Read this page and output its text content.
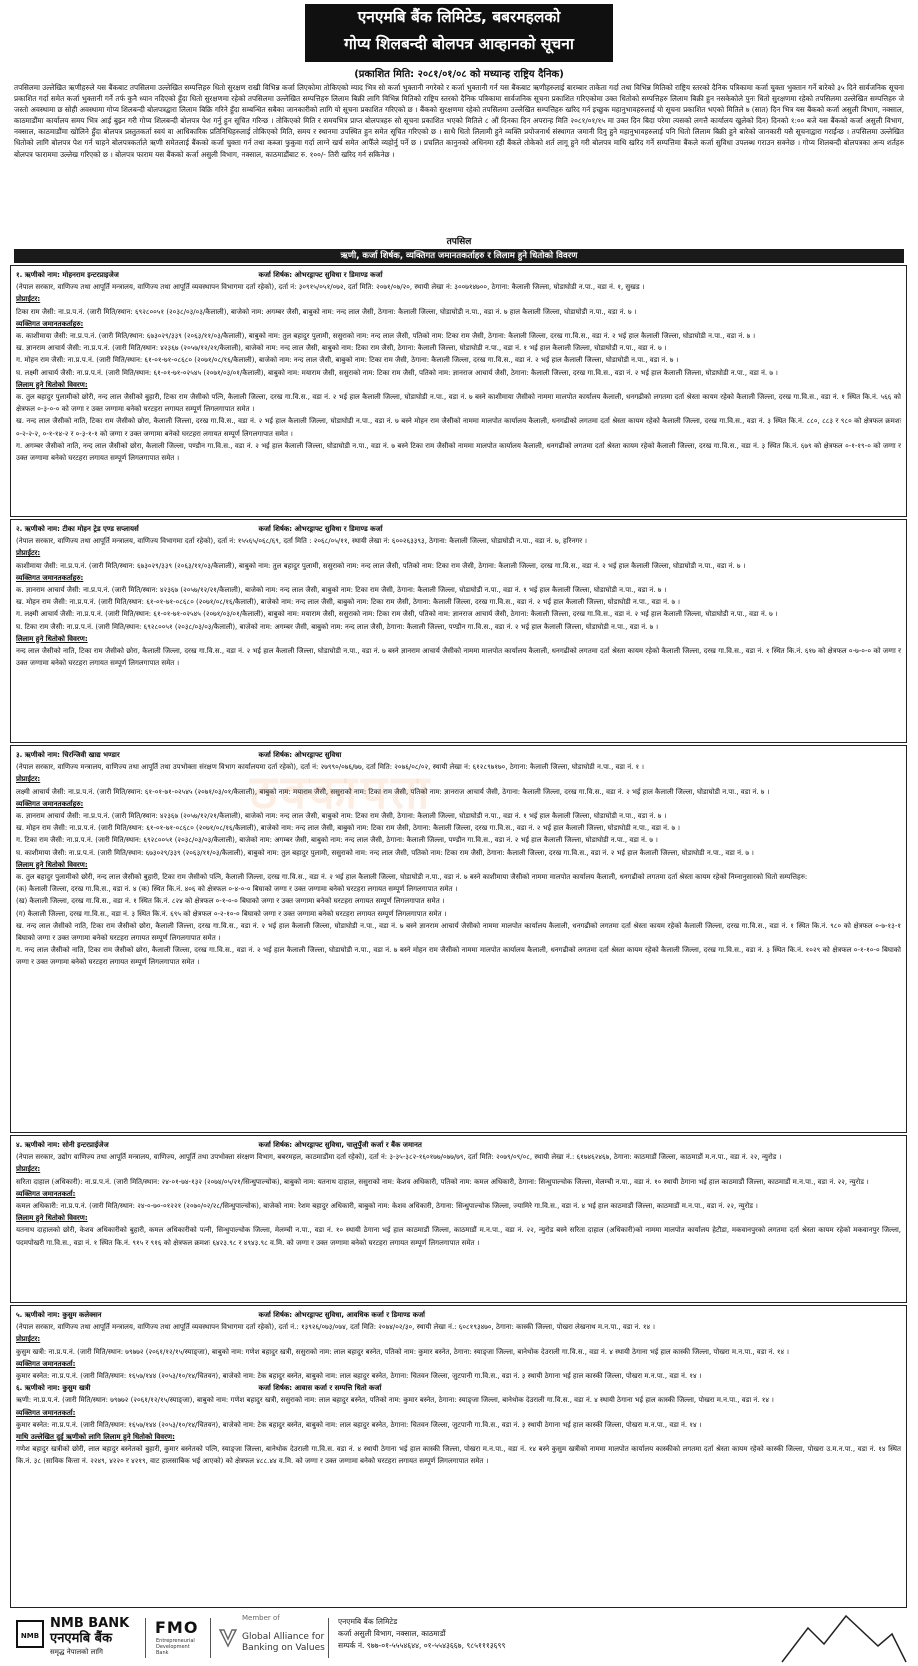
एनएमबि बैंक लिमिटेड, बबरमहलको
गोप्य शिलबन्दी बोलपत्र आव्हानको सूचना
(प्रकाशित मिति: २०८१/०१/०८ को मध्यान्ह राष्ट्रिय दैनिक)
तपसिलमा उल्लेखित ऋणीहरुले यस बैंकबाट तपसिलमा उल्लेखित सम्पत्तिहरु धितो सुरक्षण राखी विभिन्न कर्जा लिएकोमा तोकिएको म्याद भित्र सो कर्जा भुक्तानी नगरेको र कर्जा भुक्तानी गर्न यस बैंकबाट ऋणीहरुलाई बारम्बार ताकेता गर्दा तथा विभिन्न मितिको राष्ट्रिय स्तरको दैनिक पत्रिकामा कर्जा चुक्ता भुक्तान गर्ने बारेको ३५ दिने सार्वजनिक सूचना प्रकाशित गर्दा समेत कर्जा भुक्तानी गर्ने तर्फ कुनै ध्यान नदिएको हुँदा धितो सुरक्षणमा रहेको तपसिलमा उल्लेखित सम्पत्तिहरु लिलाम बिक्री लागि विभिन्न मितिको राष्ट्रिय स्तरको दैनिक पत्रिकामा सार्वजनिक सूचना प्रकाशित गरिएकोमा उक्त धितोको सम्पत्तिहरु लिलाम बिक्री हुन नसकेकोले पुनः धितो सुरक्षणमा रहेको तपसिलमा उल्लेखित सम्पत्तिहरु जे जस्तो अवस्थामा छ सोही अवस्थामा गोप्य शिलबन्दी बोलपत्रद्वारा लिलाम बिक्रि गरिने हुँदा सम्बन्धित सबैका जानकारीको लागि यो सूचना प्रकाशित गरिएको छ । बैंकको सुरक्षणमा रहेको तपसिलमा उल्लेखित सम्पत्तिहरु खरिद गर्न इच्छुक महानुभावहरुलाई यो सूचना प्रकाशित भएको मितिले ७ (सात) दिन भित्र यस बैंकको कर्जा असुली विभाग, नक्साल, काठमाडौंमा कार्यालय समय भित्र आई बुझ्न गरी गोप्य शिलबन्दी बोलपत्र पेश गर्नु हुन सूचित गरिन्छ । तोकिएको मिति र समयभित्र प्राप्त बोलपत्रहरु सो सूचना प्रकाशित भएको मितिले ८ औं दिनका दिन अपरान्ह मिति २०८१/०१/१५ मा उक्त दिन बिदा परेमा त्यसको लगत्तै कार्यालय खुलेको दिन) दिनको १:०० बजे यस बैंकको कर्जा असुली विभाग, नक्साल, काठमाडौंमा खोलिने हुँदा बोलपत्र प्रस्तुतकर्ता स्वयं वा आधिकारिक प्रतिनिधिहरुलाई तोकिएको मिति, समय र स्थानमा उपस्थित हुन समेत सूचित गरिएको छ । साथै धितो लिलामी हुने व्यक्ति प्रयोजनार्थ संस्थागत जमानी दिनु हुने महानुभावहरुलाई पनि धितो लिलाम बिक्री हुने बारेको जानकारी यसै सूचनाद्वारा गराईन्छ । तपसिलमा उल्लेखित धितोको लागि बोलपत्र पेश गर्न चाहने बोलपत्रकर्ताले ऋणी समेतलाई बैंकको कर्जा चुक्ता गर्न तथा कब्जा फुकुवा गर्दा लाग्ने खर्च समेत आफैँले व्यहोर्नु पर्ने छ । प्रचलित कानुनको अधिनमा रही बैंकले तोकेको शर्त लागू हुने गरी बोलपत्र माथि खरिद गर्ने सम्पत्तिमा बैंकले कर्जा सुविधा उपलब्ध गराउन सक्नेछ । गोप्य शिलबन्दी बोलपत्रका अन्य शर्तहरु बोलपत्र फाराममा उल्लेख गरिएको छ । बोलपत्र फाराम यस बैंकको कर्जा असुली विभाग, नक्साल, काठमाडौंबाट रु. १००/- तिरी खरिद गर्न सकिनेछ ।
तपसिल
ऋणी, कर्जा शिर्षक, व्यक्तिगत जमानतकर्ताहरु र लिलाम हुने धितोको विवरण
ठक्कापता
१. ऋणीको नाम: मोहनराम इन्टरप्राइजेज	कर्जा शिर्षक: ओभरड्राफ्ट सुविधा र डिमाण्ड कर्जा
(नेपाल सरकार, वाणिज्य तथा आपूर्ति मन्त्रालय, वाणिज्य तथा आपूर्ति व्यवस्थापन विभागमा दर्ता रहेको), दर्ता नं: ३०९१५/०५१/०७२, दर्ता मिति: २०७१/०७/२०, स्थायी लेखा नं: ३००७१४७००, ठेगाना: कैलाली जिल्ला, घोडाघोडी न.पा., वडा नं. १, सुखड ।
प्रोप्राईटर:
टिका राम जैसी: ना.प्र.प.नं. (जारी मिति/स्थान: ६९२८००५१ (२०३८/०३/०३/कैलाली), बाजेको नाम: अगम्बर जैसी, बाबुको नाम: नन्द लाल जैसी, ठेगाना: कैलाली जिल्ला, घोडाघोडी न.पा., वडा नं. ७ हाल कैलाली जिल्ला, घोडाघोडी न.पा., वडा नं. ७ ।
व्यक्तिगत जमानतकर्ताहरु:
क. काशीमाया जैसी: ना.प्र.प.नं. (जारी मिति/स्थान: ६७३०२९/३३९ (२०६३/११/०३/कैलाली), बाबुको नाम: तुल बहादुर पुलामी, ससुराको नाम: नन्द लाल जैसी, पतिको नाम: टिका राम जैसी, ठेगाना: कैलाली जिल्ला, दरख गा.वि.स., वडा नं. २ भई हाल कैलाली जिल्ला, घोडाघोडी न.पा., वडा नं. ७ ।
ख. ज्ञानराम आचार्य जैसी: ना.प्र.प.नं. (जारी मिति/स्थान: ४२३६७ (२०५७/१२/२१/कैलाली), बाजेको नाम: नन्द लाल जैसी, बाबुको नाम: टिका राम जैसी, ठेगाना: कैलाली जिल्ला, घोडाघोडी न.पा., वडा नं. १ भई हाल कैलाली जिल्ला, घोडाघोडी न.पा., वडा नं. ७ ।
ग. मोहन राम जैसी: ना.प्र.प.नं. (जारी मिति/स्थान: ६१-०१-७१-०८६८० (२०७१/०८/१६/कैलाली), बाजेको नाम: नन्द लाल जैसी, बाबुको नाम: टिका राम जैसी, ठेगाना: कैलाली जिल्ला, दरख गा.वि.स., वडा नं. २ भई हाल कैलाली जिल्ला, घोडाघोडी न.पा., वडा नं. ७ ।
घ. लक्ष्मी आचार्य जैसी: ना.प्र.प.नं. (जारी मिति/स्थान: ६१-०१-७१-०२५४५ (२०७१/०३/०१/कैलाली), बाबुको नाम: मयाराम जैसी, ससुराको नाम: टिका राम जैसी, पतिको नाम: ज्ञानराज आचार्य जैसी, ठेगाना: कैलाली जिल्ला, दरख गा.वि.स., वडा नं. २ भई हाल कैलाली जिल्ला, घोडाघोडी न.पा., वडा नं. ७ ।
लिलाम हुने धितोको विवरण:
क. तुल बहादुर पुलामीको छोरी, नन्द लाल जैसीको बुहारी, टिका राम जैसीको पत्नि, कैलाली जिल्ला, दरख गा.वि.स., वडा नं. २ भई हाल कैलाली जिल्ला, घोडाघोडी न.पा., वडा नं. ७ बस्ने काशीमाया जैसीको नाममा मालपोत कार्यालय कैलाली, धनगढीको लगतमा दर्ता श्रेस्ता कायम रहेको कैलाली जिल्ला, दरख गा.वि.स., वडा नं. १ स्थित कि.नं. ५६६ को क्षेत्रफल ०-३-०-० को जग्गा र उक्त जग्गामा बनेको घरटहरा लगायत सम्पूर्ण लिगलगापात समेत ।
ख. नन्द लाल जैसीको नाति, टिका राम जैसीको छोरा, कैलाली जिल्ला, दरख गा.वि.स., वडा नं. २ भई हाल कैलाली जिल्ला, घोडाघोडी न.पा., वडा नं. ७ बस्ने मोहन राम जैसीको नाममा मालपोत कार्यालय कैलाली, धनगढीको लगतमा दर्ता श्रेस्ता कायम रहेको कैलाली जिल्ला, दरख गा.वि.स., वडा नं. ३ स्थित कि.नं. ८८०, ८८३ र ९८० को क्षेत्रफल क्रमशः ०-२-२-२, ०-१-१४-२ र ०-३-१-१ को जग्गा र उक्त जग्गामा बनेको घरटहरा लगायत सम्पूर्ण लिगलगापात समेत ।
ग. अगम्बर जैसीको नाति, नन्द लाल जैसीको छोरा, कैलाली जिल्ला, पण्डौन गा.वि.स., वडा नं. २ भई हाल कैलाली जिल्ला, घोडाघोडी न.पा., वडा नं. ७ बस्ने टिका राम जैसीको नाममा मालपोत कार्यालय कैलाली, धनगढीको लगतमा दर्ता श्रेस्ता कायम रहेको कैलाली जिल्ला, दरख गा.वि.स., वडा नं. ३ स्थित कि.नं. ६७९ को क्षेत्रफल ०-१-१९-० को जग्गा र उक्त जग्गामा बनेको घरटहरा लगायत सम्पूर्ण लिगलगापात समेत ।
२. ऋणीको नाम: टीका मोहन ट्रेड एण्ड सप्लायर्स	कर्जा शिर्षक: ओभरड्राफ्ट सुविधा र डिमाण्ड कर्जा
(नेपाल सरकार, वाणिज्य तथा आपूर्ति मन्त्रालय, वाणिज्य विभागमा दर्ता रहेको), दर्ता नं: १५५६५/०६८/६९, दर्ता मिति : २०६८/०५/११, स्थायी लेखा नं: ६००२६३३९३, ठेगाना: कैलाली जिल्ला, घोडाघोडी न.पा., वडा नं. ७, हरिनगर ।
प्रोप्राईटर:
काशीमाया जैसी: ना.प्र.प.नं. (जारी मिति/स्थान: ६७३०२९/३३९ (२०६३/११/०३/कैलाली), बाबुको नाम: तुल बहादुर पुलामी, ससुराको नाम: नन्द लाल जैसी, पतिको नाम: टिका राम जैसी, ठेगाना: कैलाली जिल्ला, दरख गा.वि.स., वडा नं. २ भई हाल कैलाली जिल्ला, घोडाघोडी न.पा., वडा नं. ७ ।
व्यक्तिगत जमानतकर्ताहरु:
क. ज्ञानराम आचार्य जैसी: ना.प्र.प.नं. (जारी मिति/स्थान: ४२३६७ (२०५७/१२/२१/कैलाली), बाजेको नाम: नन्द लाल जैसी, बाबुको नाम: टिका राम जैसी, ठेगाना: कैलाली जिल्ला, घोडाघोडी न.पा., वडा नं. १ भई हाल कैलाली जिल्ला, घोडाघोडी न.पा., वडा नं. ७ ।
ख. मोहन राम जैसी: ना.प्र.प.नं. (जारी मिति/स्थान: ६१-०१-७१-०८६८० (२०७१/०८/१६/कैलाली), बाजेको नाम: नन्द लाल जैसी, बाबुको नाम: टिका राम जैसी, ठेगाना: कैलाली जिल्ला, दरख गा.वि.स., वडा नं. २ भई हाल कैलाली जिल्ला, घोडाघोडी न.पा., वडा नं. ७ ।
ग. लक्ष्मी आचार्य जैसी: ना.प्र.प.नं. (जारी मिति/स्थान: ६१-०१-७१-०२५४५ (२०७१/०३/०१/कैलाली), बाबुको नाम: मयाराम जैसी, ससुराको नाम: टिका राम जैसी, पतिको नाम: ज्ञानराज आचार्य जैसी, ठेगाना: कैलाली जिल्ला, दरख गा.वि.स., वडा नं. २ भई हाल कैलाली जिल्ला, घोडाघोडी न.पा., वडा नं. ७ ।
घ. टिका राम जैसी: ना.प्र.प.नं. (जारी मिति/स्थान: ६९२८००५१ (२०३८/०३/०३/कैलाली), बाजेको नाम: अगम्बर जैसी, बाबुको नाम: नन्द लाल जैसी, ठेगाना: कैलाली जिल्ला, पण्डौन गा.वि.स., वडा नं. २ भई हाल कैलाली जिल्ला, घोडाघोडी न.पा., वडा नं. ७ ।
लिलाम हुने धितोको विवरण:
नन्द लाल जैसीको नाति, टिका राम जैसीको छोरा, कैलाली जिल्ला, दरख गा.वि.स., वडा नं. २ भई हाल कैलाली जिल्ला, घोडाघोडी न.पा., वडा नं. ७ बस्ने ज्ञानराम आचार्य जैसीको नाममा मालपोत कार्यालय कैलाली, धनगढीको लगतमा दर्ता श्रेस्ता कायम रहेको कैलाली जिल्ला, दरख गा.वि.स., वडा नं. १ स्थित कि.नं. ६१७ को क्षेत्रफल ०-७-०-० को जग्गा र उक्त जग्गामा बनेको घरटहरा लगायत सम्पूर्ण लिगलगापात समेत ।
३. ऋणीको नाम: चिरन्जिवी खाद्य भण्डार	कर्जा शिर्षक: ओभरड्राफ्ट सुविधा
(नेपाल सरकार, वाणिज्य मन्त्रालय, वाणिज्य तथा आपूर्ति तथा उपभोक्ता संरक्षण विभाग कार्यालयमा दर्ता रहेको), दर्ता नं: २७९९०/०७६/७७, दर्ता मिति: २०७६/०८/०२, स्थायी लेखा नं: ६१२८९७१७०, ठेगाना: कैलाली जिल्ला, घोडाघोडी न.पा., वडा नं. १ ।
प्रोप्राईटर:
लक्ष्मी आचार्य जैसी: ना.प्र.प.नं. (जारी मिति/स्थान: ६१-०१-७१-०२५४५ (२०७१/०३/०१/कैलाली), बाबुको नाम: मयाराम जैसी, ससुराको नाम: टिका राम जैसी, पतिको नाम: ज्ञानराज आचार्य जैसी, ठेगाना: कैलाली जिल्ला, दरख गा.वि.स., वडा नं. २ भई हाल कैलाली जिल्ला, घोडाघोडी न.पा., वडा नं. ७ ।
व्यक्तिगत जमानतकर्ताहरु:
क. ज्ञानराम आचार्य जैसी: ना.प्र.प.नं. (जारी मिति/स्थान: ४२३६७ (२०५७/१२/२१/कैलाली), बाजेको नाम: नन्द लाल जैसी, बाबुको नाम: टिका राम जैसी, ठेगाना: कैलाली जिल्ला, घोडाघोडी न.पा., वडा नं. १ भई हाल कैलाली जिल्ला, घोडाघोडी न.पा., वडा नं. ७ ।
ख. मोहन राम जैसी: ना.प्र.प.नं. (जारी मिति/स्थान: ६१-०१-७१-०८६८० (२०७१/०८/१६/कैलाली), बाजेको नाम: नन्द लाल जैसी, बाबुको नाम: टिका राम जैसी, ठेगाना: कैलाली जिल्ला, दरख गा.वि.स., वडा नं. २ भई हाल कैलाली जिल्ला, घोडाघोडी न.पा., वडा नं. ७ ।
ग. टिका राम जैसी: ना.प्र.प.नं. (जारी मिति/स्थान: ६९२८००५१ (२०३८/०३/०३/कैलाली), बाजेको नाम: अगम्बर जैसी, बाबुको नाम: नन्द लाल जैसी, ठेगाना: कैलाली जिल्ला, पण्डौन गा.वि.स., वडा नं. २ भई हाल कैलाली जिल्ला, घोडाघोडी न.पा., वडा नं. ७ ।
घ. काशीमाया जैसी: ना.प्र.प.नं. (जारी मिति/स्थान: ६७३०२९/३३९ (२०६३/११/०३/कैलाली), बाबुको नाम: तुल बहादुर पुलामी, ससुराको नाम: नन्द लाल जैसी, पतिको नाम: टिका राम जैसी, ठेगाना: कैलाली जिल्ला, दरख गा.वि.स., वडा नं. २ भई हाल कैलाली जिल्ला, घोडाघोडी न.पा., वडा नं. ७ ।
लिलाम हुने धितोको विवरण:
क. तुल बहादुर पुलामीको छोरी, नन्द लाल जैसीको बुहारी, टिका राम जैसीको पत्नि, कैलाली जिल्ला, दरख गा.वि.स., वडा नं. २ भई हाल कैलाली जिल्ला, घोडाघोडी न.पा., वडा नं. ७ बस्ने काशीमाया जैसीको नाममा मालपोत कार्यालय कैलाली, धनगढीको लगतमा दर्ता श्रेस्ता कायम रहेको निम्नानुसारको धितो सम्पत्तिहरु:
(क) कैलाली जिल्ला, दरख गा.वि.स., वडा नं. ४ (क) स्थित कि.नं. ४०६ को क्षेत्रफल ०-४-०-० बिघाको जग्गा र उक्त जग्गामा बनेको घरटहरा लगायत सम्पूर्ण लिगलगापात समेत ।
(ख) कैलाली जिल्ला, दरख गा.वि.स., वडा नं. १ स्थित कि.नं. ८२४ को क्षेत्रफल ०-१-०-० बिघाको जग्गा र उक्त जग्गामा बनेको घरटहरा लगायत सम्पूर्ण लिगलगापात समेत ।
(ग) कैलाली जिल्ला, दरख गा.वि.स., वडा नं. ३ स्थित कि.नं. ६९५ को क्षेत्रफल ०-२-१०-० बिघाको जग्गा र उक्त जग्गामा बनेको घरटहरा लगायत सम्पूर्ण लिगलगापात समेत ।
ख. नन्द लाल जैसीको नाति, टिका राम जैसीको छोरा, कैलाली जिल्ला, दरख गा.वि.स., वडा नं. २ भई हाल कैलाली जिल्ला, घोडाघोडी न.पा., वडा नं. ७ बस्ने ज्ञानराम आचार्य जैसीको नाममा मालपोत कार्यालय कैलाली, धनगढीको लगतमा दर्ता श्रेस्ता कायम रहेको कैलाली जिल्ला, दरख गा.वि.स., वडा नं. १ स्थित कि.नं. ९८० को क्षेत्रफल ०-७-१३-१ बिघाको जग्गा र उक्त जग्गामा बनेको घरटहरा लगायत सम्पूर्ण लिगलगापात समेत ।
ग. नन्द लाल जैसीको नाति, टिका राम जैसीको छोरा, कैलाली जिल्ला, दरख गा.वि.स., वडा नं. २ भई हाल कैलाली जिल्ला, घोडाघोडी न.पा., वडा नं. ७ बस्ने मोहन राम जैसीको नाममा मालपोत कार्यालय कैलाली, धनगढीको लगतमा दर्ता श्रेस्ता कायम रहेको कैलाली जिल्ला, दरख गा.वि.स., वडा नं. ३ स्थित कि.नं. १०२९ को क्षेत्रफल ०-१-१०-० बिघाको जग्गा र उक्त जग्गामा बनेको घरटहरा लगायत सम्पूर्ण लिगलगापात समेत ।
४. ऋणीको नाम: सोनी इन्टरप्राईजेज	कर्जा शिर्षक: ओभरड्राफ्ट सुविधा, चालुपुँजी कर्जा र बैंक जमानत
(नेपाल सरकार, उद्योग वाणिज्य तथा आपूर्ति मन्त्रालय, वाणिज्य, आपूर्ति तथा उपभोक्ता संरक्षण विभाग, बबरमहल, काठमाडौंमा दर्ता रहेको), दर्ता नं: ३-३५-३८२-१६०१७७/०७७/७९, दर्ता मिति: २०७९/०९/०८, स्थायी लेखा नं.: ६१७४६२४६७, ठेगाना: काठमाडौं जिल्ला, काठमाडौं म.न.पा., वडा नं. २२, न्युरोड ।
प्रोप्राईटर:
सरिता दाहाल (अधिकारी): ना.प्र.प.नं. (जारी मिति/स्थान: २४-०१-७४-१३२ (२०७४/०५/२१/सिन्धुपाल्चोक), बाबुको नाम: यतनाथ दाहाल, ससुराको नाम: केशव अधिकारी, पतिको नाम: कमल अधिकारी, ठेगाना: सिन्धुपाल्चोक जिल्ला, मेलम्ची न.पा., वडा नं. १० स्थायी ठेगाना भई हाल काठमाडौं जिल्ला, काठमाडौं म.न.पा., वडा नं. २२, न्युरोड ।
व्यक्तिगत जमानतकर्ता:
कमल अधिकारी: ना.प्र.प.नं. (जारी मिति/स्थान: २४-०-७०-०१२२१ (२०७०/०२/२८/सिन्धुपाल्चोक), बाजेको नाम: रेशम बहादुर अधिकारी, बाबुको नाम: केशव अधिकारी, ठेगाना: सिन्धुपाल्चोक जिल्ला, ज्यामिरे गा.वि.स., वडा नं. ४ भई हाल काठमाडौं जिल्ला, काठमाडौं म.न.पा., वडा नं. २२, न्युरोड ।
लिलाम हुने धितोको विवरण:
यतनाथ दाहालको छोरी, केशव अधिकारीको बुहारी, कमल अधिकारीको पत्नी, सिन्धुपाल्चोक जिल्ला, मेलम्ची न.पा., वडा नं. १० स्थायी ठेगाना भई हाल काठमाडौं जिल्ला, काठमाडौं म.न.पा., वडा नं. २२, न्युरोड बस्ने सरिता दाहाल (अधिकारी)को नाममा मालपोत कार्यालय हेटौडा, मकवानपुरको लगतमा दर्ता श्रेस्ता कायम रहेको मकवानपुर जिल्ला, पदमपोखरी गा.वि.स., वडा नं. १ स्थित कि.नं. ९१५ र ९१६ को क्षेत्रफल क्रमशः ६४२३.९८ र ४९४३.९८ व.मि. को जग्गा र उक्त जग्गामा बनेको घरटहरा लगायत सम्पूर्ण लिगलगापात समेत ।
५. ऋणीको नाम: कुसुम कलेक्सन	कर्जा शिर्षक: ओभरड्राफ्ट सुविधा, आवधिक कर्जा र डिमाण्ड कर्जा
(नेपाल सरकार, वाणिज्य तथा आपूर्ति मन्त्रालय, वाणिज्य तथा आपूर्ति व्यवस्थापन विभागमा दर्ता रहेको), दर्ता नं.: १३९२६/०७३/०७४, दर्ता मिति: २०७४/०२/३०, स्थायी लेखा नं.: ६०८१९३४७०, ठेगाना: कास्की जिल्ला, पोखरा लेखनाथ म.न.पा., वडा नं. १४ ।
प्रोप्राईटर:
कुसुम खत्री: ना.प्र.प.नं. (जारी मिति/स्थान: ७९७७२ (२०६१/१२/१५/स्याङ्जा), बाबुको नाम: गणेश बहादुर खत्री, ससुराको नाम: लाल बहादुर बस्नेत, पतिको नाम: कुमार बस्नेत, ठेगाना: स्याङ्जा जिल्ला, बानेथोक देउराली गा.वि.स., वडा नं. ४ स्थायी ठेगाना भई हाल कास्की जिल्ला, पोखरा म.न.पा., वडा नं. १४ ।
व्यक्तिगत जमानतकर्ता:
कुमार बस्नेत: ना.प्र.प.नं. (जारी मिति/स्थान: १६५७/१४४ (२०५३/१०/१४/चितवन), बाजेको नाम: टेक बहादुर बस्नेत, बाबुको नाम: लाल बहादुर बस्नेत, ठेगाना: चितवन जिल्ला, जुटपानी गा.वि.स., वडा नं. ३ स्थायी ठेगाना भई हाल कास्की जिल्ला, पोखरा म.न.पा., वडा नं. १४ ।
६. ऋणीको नाम: कुसुम खत्री	कर्जा शिर्षक: आवास कर्जा र सम्पत्ति धितो कर्जा
ऋणी: ना.प्र.प.नं. (जारी मिति/स्थान: ७९७७२ (२०६१/१२/१५/स्याङ्जा), बाबुको नाम: गणेश बहादुर खत्री, ससुराको नाम: लाल बहादुर बस्नेत, पतिको नाम: कुमार बस्नेत, ठेगाना: स्याङ्जा जिल्ला, बानेथोक देउराली गा.वि.स., वडा नं. ४ स्थायी ठेगाना भई हाल कास्की जिल्ला, पोखरा म.न.पा., वडा नं. १४ ।
व्यक्तिगत जमानतकर्ता:
कुमार बस्नेत: ना.प्र.प.नं. (जारी मिति/स्थान: १६५७/१४४ (२०५३/१०/१४/चितवन), बाजेको नाम: टेक बहादुर बस्नेत, बाबुको नाम: लाल बहादुर बस्नेत, ठेगाना: चितवन जिल्ला, जुटपानी गा.वि.स., वडा नं. ३ स्थायी ठेगाना भई हाल कास्की जिल्ला, पोखरा म.न.पा., वडा नं. १४ ।
माथि उल्लेखित दुई ऋणीको लागि लिलाम हुने धितोको विवरण:
गणेश बहादुर खत्रीको छोरी, लाल बहादुर बस्नेतको बुहारी, कुमार बस्नेतको पत्नि, स्याङ्जा जिल्ला, बानेथोक देउराली गा.वि.स. वडा नं. ४ स्थायी ठेगाना भई हाल कास्की जिल्ला, पोखरा म.न.पा., वडा नं. १४ बस्ने कुसुम खत्रीको नाममा मालपोत कार्यालय कास्कीको लगतमा दर्ता श्रेस्ता कायम रहेको कास्की जिल्ला, पोखरा उ.म.न.पा., वडा नं. १४ स्थित कि.नं. ३८ (साविक कित्ता नं. २२४९, ४२२० र ४२१९, वाट हालसाबिक भई आएको) को क्षेत्रफल ४८८.४४ व.मि. को जग्गा र उक्त जग्गामा बनेको घरटहरा लगायत सम्पूर्ण लिगलगापात समेत ।
NMB
NMB BANK
एनएमबि बैंक
समृद्ध नेपालको लागि
FMO
Entrepreneurial Development Bank
Member of
Global Alliance for
Banking on Values
एनएमबि बैंक लिमिटेड
कर्जा असुली विभाग, नक्साल, काठमाडौं
सम्पर्क नं. ९७७-०१-५५५४६४४, ०१-५५४३६६७, ९८५१११३६९९
